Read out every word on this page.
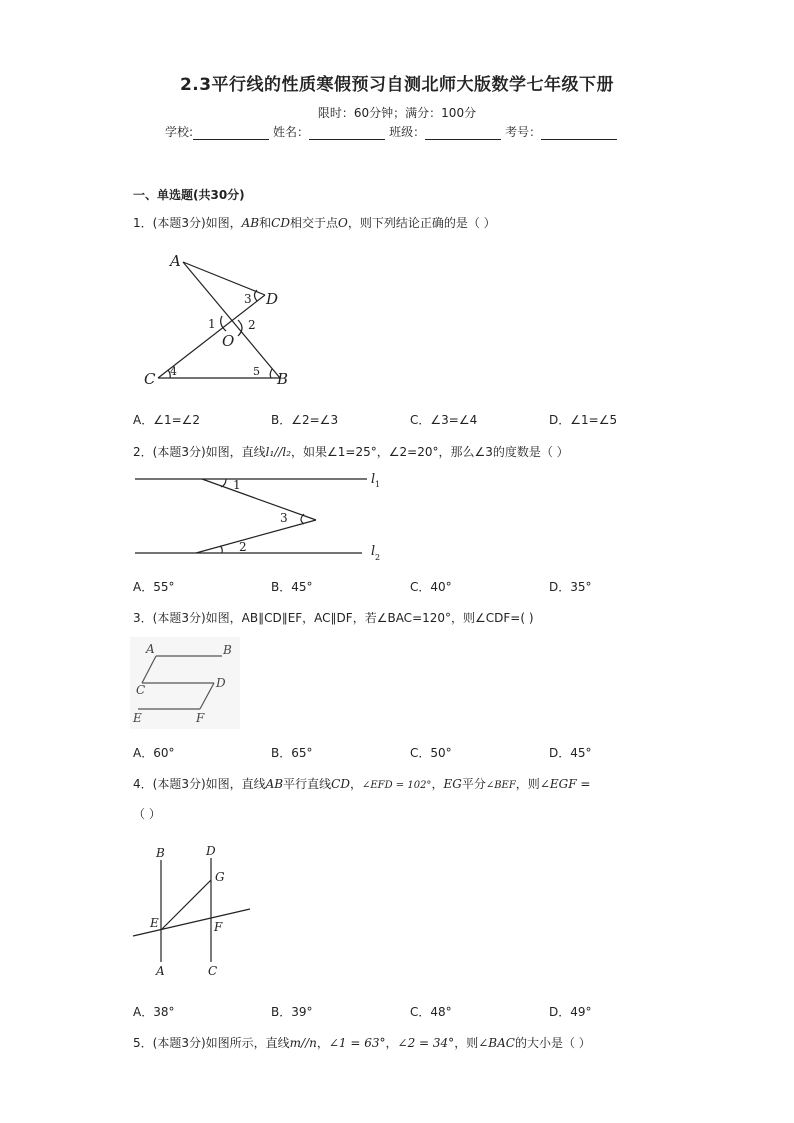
2.3平行线的性质寒假预习自测北师大版数学七年级下册
限时：60分钟；满分：100分
学校:	姓名：	班级：	考号：
一、单选题(共30分)
1．(本题3分)如图，AB和CD相交于点O，则下列结论正确的是（ ）
A
D
O
C	B
1	2
3
4	5
A．∠1=∠2	B．∠2=∠3	C．∠3=∠4	D．∠1=∠5
2．(本题3分)如图，直线l₁//l₂，如果∠1=25°，∠2=20°，那么∠3的度数是（ ）
l 1
l 2
1
3
2
A．55°	B．45°	C．40°	D．35°
3．(本题3分)如图，AB∥CD∥EF，AC∥DF，若∠BAC=120°，则∠CDF=( )
A	B
C	D
E	F
A．60°	B．65°	C．50°	D．45°
4．(本题3分)如图，直线AB平行直线CD，∠EFD = 102°，EG平分∠BEF，则∠EGF =
（ ）
B	D
G
E	F
A	C
A．38°	B．39°	C．48°	D．49°
5．(本题3分)如图所示，直线m//n，∠1 = 63°，∠2 = 34°，则∠BAC的大小是（ ）
